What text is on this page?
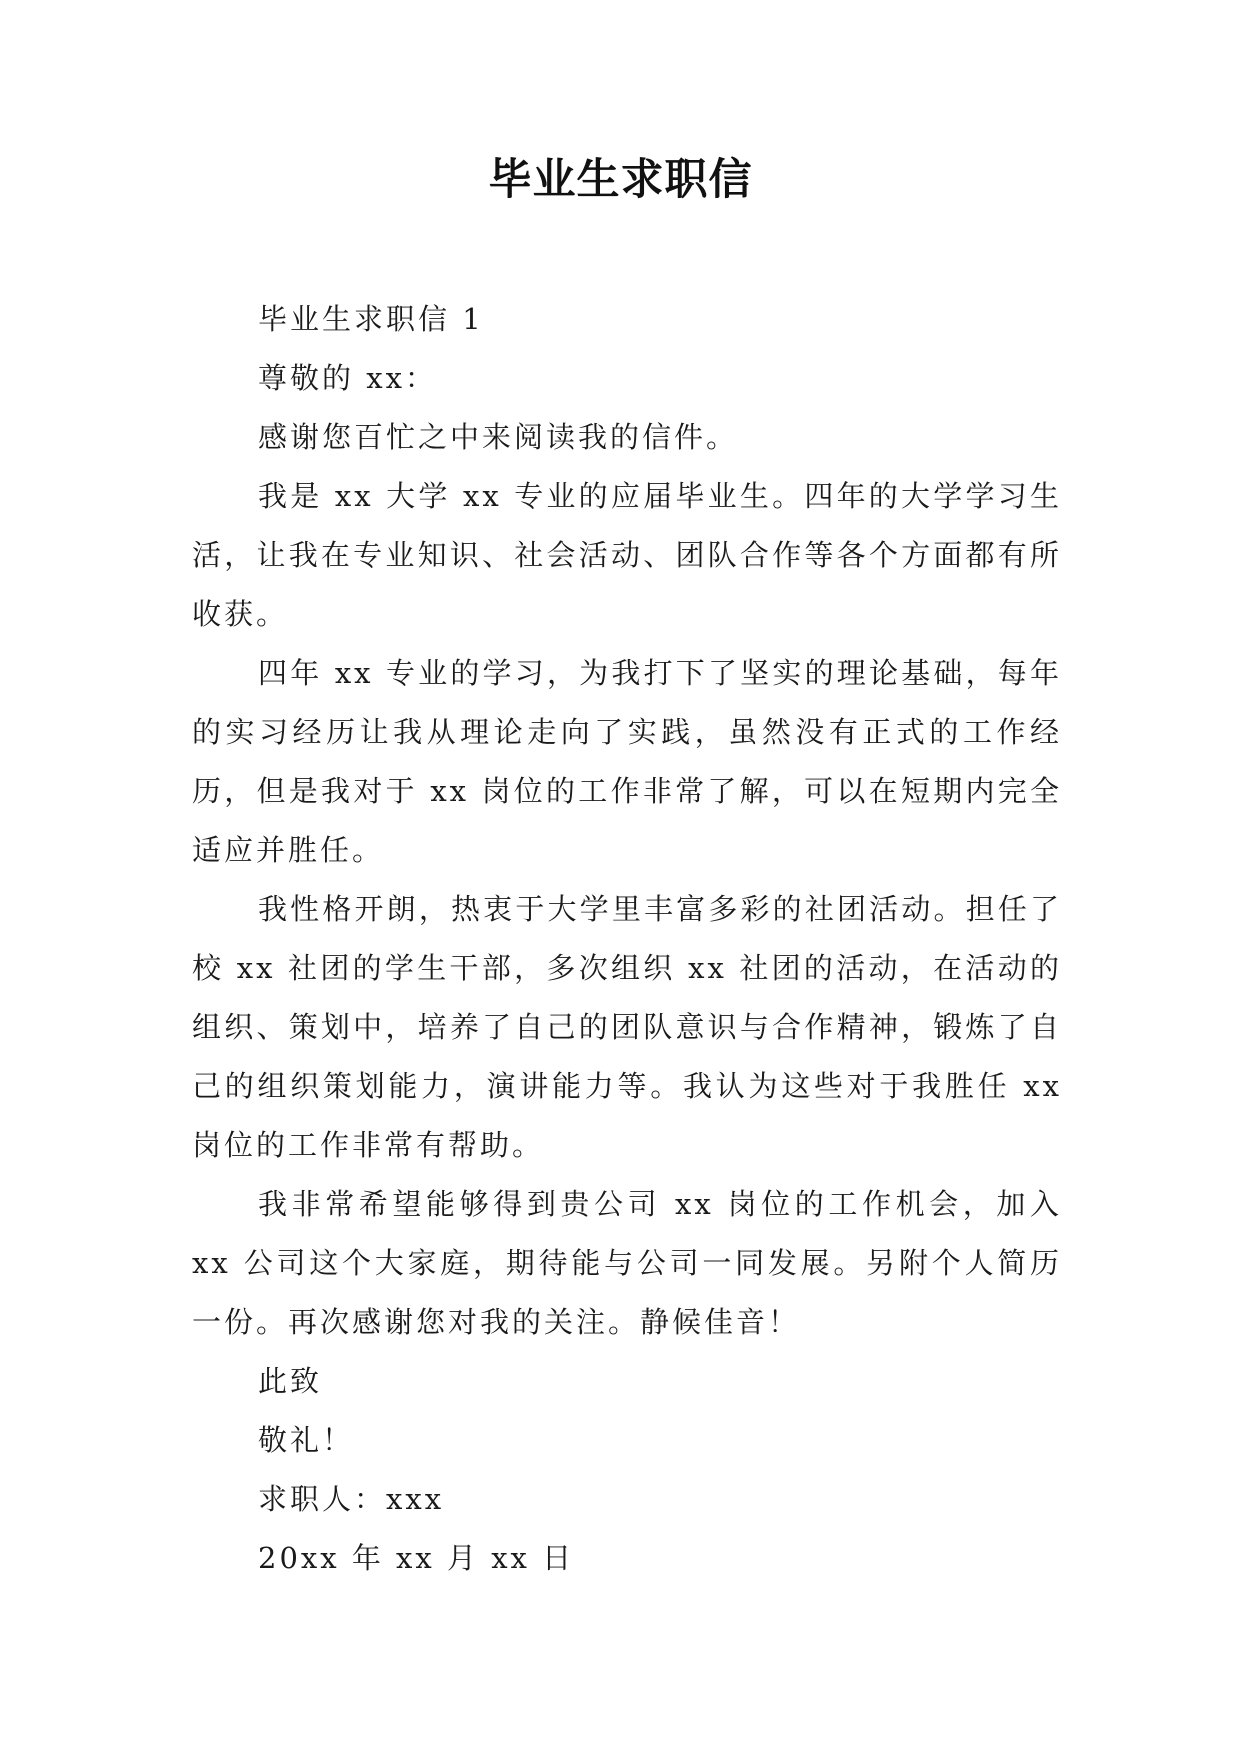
毕业生求职信

毕业生求职信 1

尊敬的 xx：

感谢您百忙之中来阅读我的信件。

我是 xx 大学 xx 专业的应届毕业生。四年的大学学习生活，让我在专业知识、社会活动、团队合作等各个方面都有所收获。

四年 xx 专业的学习，为我打下了坚实的理论基础，每年的实习经历让我从理论走向了实践，虽然没有正式的工作经历，但是我对于 xx 岗位的工作非常了解，可以在短期内完全适应并胜任。

我性格开朗，热衷于大学里丰富多彩的社团活动。担任了校 xx 社团的学生干部，多次组织 xx 社团的活动，在活动的组织、策划中，培养了自己的团队意识与合作精神，锻炼了自己的组织策划能力，演讲能力等。我认为这些对于我胜任 xx 岗位的工作非常有帮助。

我非常希望能够得到贵公司 xx 岗位的工作机会，加入 xx 公司这个大家庭，期待能与公司一同发展。另附个人简历一份。再次感谢您对我的关注。静候佳音！

此致

敬礼！

求职人：xxx

20xx 年 xx 月 xx 日
